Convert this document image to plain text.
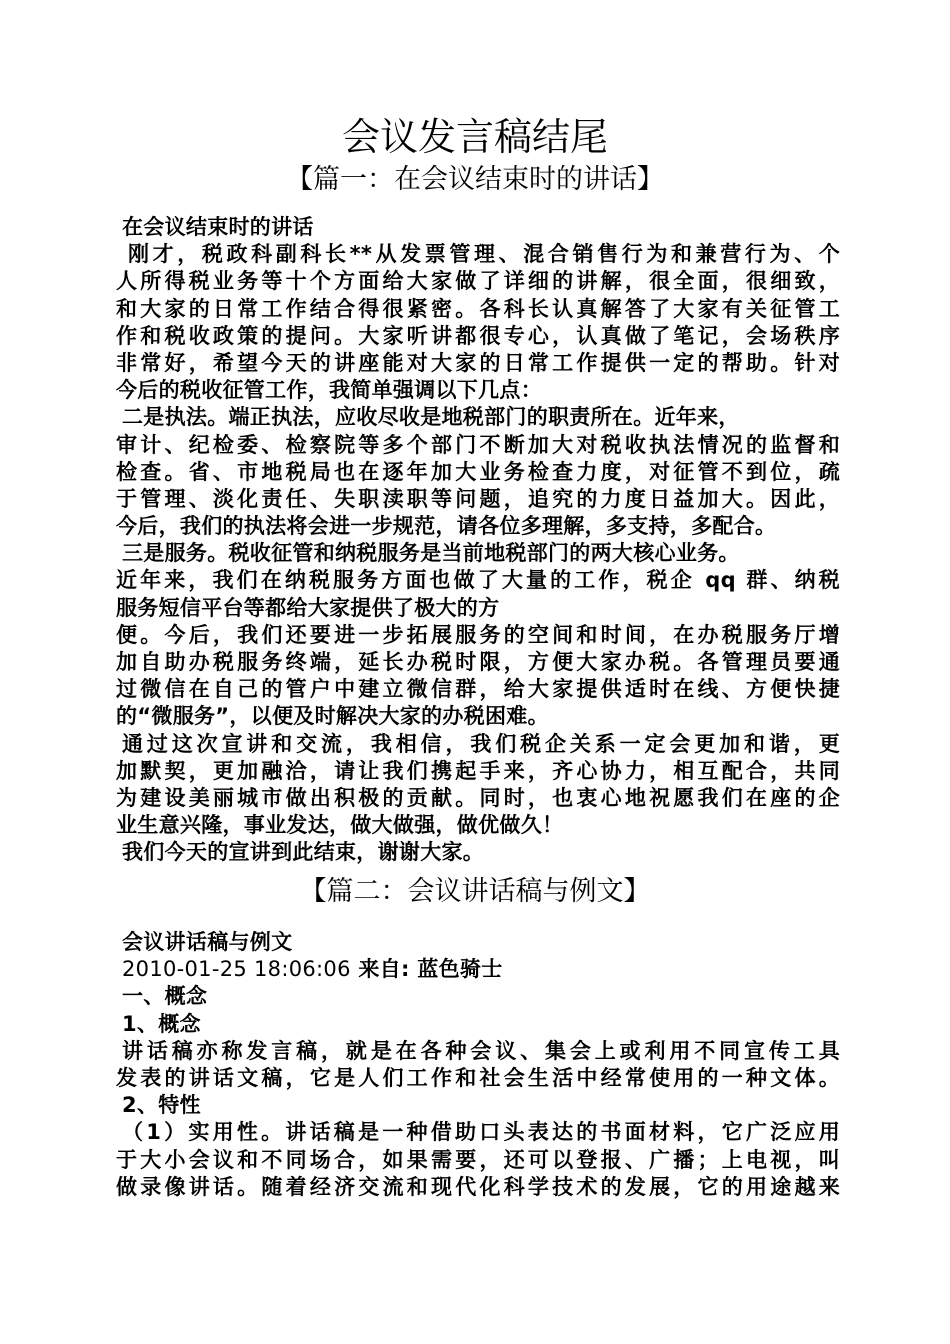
会议发言稿结尾
【篇一：在会议结束时的讲话】
在会议结束时的讲话
刚才，税政科副科长**从发票管理、混合销售行为和兼营行为、个
人所得税业务等十个方面给大家做了详细的讲解，很全面，很细致，
和大家的日常工作结合得很紧密。各科长认真解答了大家有关征管工
作和税收政策的提问。大家听讲都很专心，认真做了笔记，会场秩序
非常好，希望今天的讲座能对大家的日常工作提供一定的帮助。针对
今后的税收征管工作，我简单强调以下几点：
二是执法。端正执法，应收尽收是地税部门的职责所在。近年来，
审计、纪检委、检察院等多个部门不断加大对税收执法情况的监督和
检查。省、市地税局也在逐年加大业务检查力度，对征管不到位，疏
于管理、淡化责任、失职渎职等问题，追究的力度日益加大。因此，
今后，我们的执法将会进一步规范，请各位多理解，多支持，多配合。
三是服务。税收征管和纳税服务是当前地税部门的两大核心业务。
近年来，我们在纳税服务方面也做了大量的工作，税企 qq 群、纳税
服务短信平台等都给大家提供了极大的方
便。今后，我们还要进一步拓展服务的空间和时间，在办税服务厅增
加自助办税服务终端，延长办税时限，方便大家办税。各管理员要通
过微信在自己的管户中建立微信群，给大家提供适时在线、方便快捷
的“微服务”，以便及时解决大家的办税困难。
通过这次宣讲和交流，我相信，我们税企关系一定会更加和谐，更
加默契，更加融洽，请让我们携起手来，齐心协力，相互配合，共同
为建设美丽城市做出积极的贡献。同时，也衷心地祝愿我们在座的企
业生意兴隆，事业发达，做大做强，做优做久！
我们今天的宣讲到此结束，谢谢大家。
【篇二：会议讲话稿与例文】
会议讲话稿与例文
2010-01-25 18:06:06 来自: 蓝色骑士
一、概念
1、概念
讲话稿亦称发言稿，就是在各种会议、集会上或利用不同宣传工具
发表的讲话文稿，它是人们工作和社会生活中经常使用的一种文体。
2、特性
（1）实用性。讲话稿是一种借助口头表达的书面材料，它广泛应用
于大小会议和不同场合，如果需要，还可以登报、广播；上电视，叫
做录像讲话。随着经济交流和现代化科学技术的发展，它的用途越来
